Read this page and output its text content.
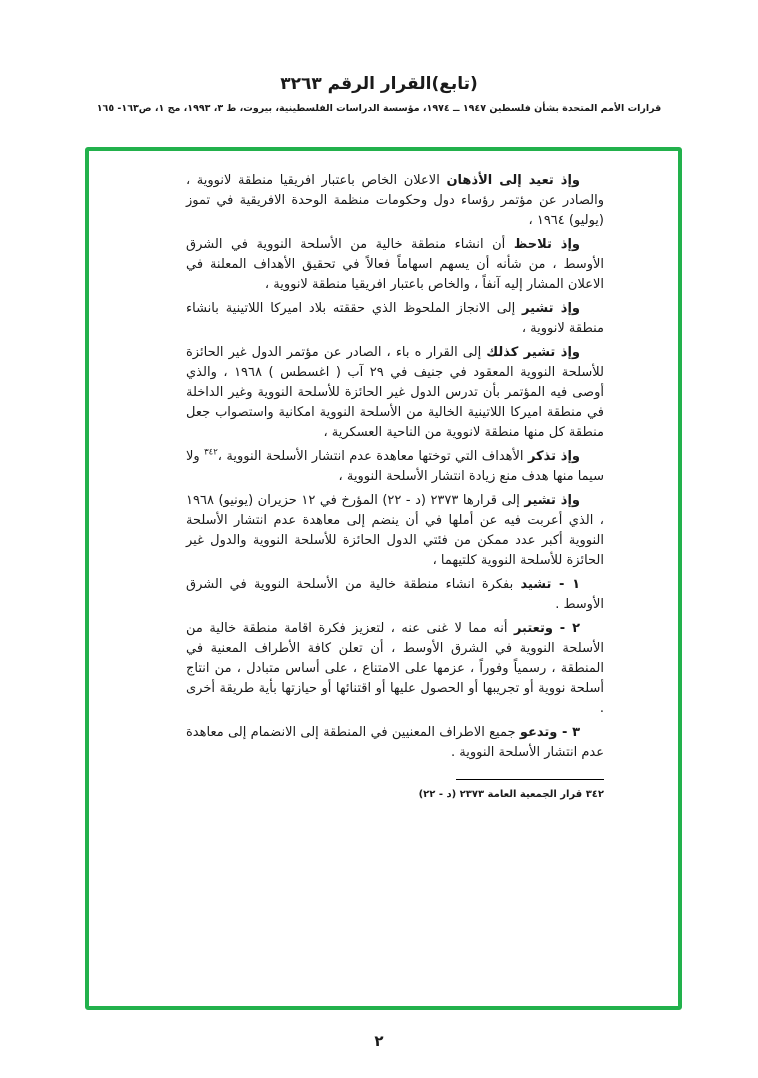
(تابع)القرار الرقم ٣٢٦٣
قرارات الأمم المتحدة بشأن فلسطين ١٩٤٧ ــ ١٩٧٤، مؤسسة الدراسات الفلسطينية، بيروت، ط ٣، ١٩٩٣، مج ١، ص١٦٣- ١٦٥

وإذ تعيد إلى الأذهان الاعلان الخاص باعتبار افريقيا منطقة لانووية ، والصادر عن مؤتمر رؤساء دول وحكومات منظمة الوحدة الافريقية في تموز (يوليو) ١٩٦٤ ،

وإذ تلاحظ أن انشاء منطقة خالية من الأسلحة النووية في الشرق الأوسط ، من شأنه أن يسهم اسهاماً فعالاً في تحقيق الأهداف المعلنة في الاعلان المشار إليه آنفاً ، والخاص باعتبار افريقيا منطقة لانووية ،

وإذ تشير إلى الانجاز الملحوظ الذي حققته بلاد اميركا اللاتينية بانشاء منطقة لانووية ،

وإذ تشير كذلك إلى القرار ه باء ، الصادر عن مؤتمر الدول غير الحائزة للأسلحة النووية المعقود في جنيف في ٢٩ آب ( اغسطس ) ١٩٦٨ ، والذي أوصى فيه المؤتمر بأن تدرس الدول غير الحائزة للأسلحة النووية وغير الداخلة في منطقة اميركا اللاتينية الخالية من الأسلحة النووية امكانية واستصواب جعل منطقة كل منها منطقة لانووية من الناحية العسكرية ،

وإذ تذكر الأهداف التي توختها معاهدة عدم انتشار الأسلحة النووية ،$^{٣٤٢}$ ولا سيما منها هدف منع زيادة انتشار الأسلحة النووية ،

وإذ تشير إلى قرارها ٢٣٧٣ (د - ٢٢) المؤرخ في ١٢ حزيران (يونيو) ١٩٦٨ ، الذي أعربت فيه عن أملها في أن ينضم إلى معاهدة عدم انتشار الأسلحة النووية أكبر عدد ممكن من فئتي الدول الحائزة للأسلحة النووية والدول غير الحائزة للأسلحة النووية كلتيهما ،

١ - تشيد بفكرة انشاء منطقة خالية من الأسلحة النووية في الشرق الأوسط .

٢ - وتعتبر أنه مما لا غنى عنه ، لتعزيز فكرة اقامة منطقة خالية من الأسلحة النووية في الشرق الأوسط ، أن تعلن كافة الأطراف المعنية في المنطقة ، رسمياً وفوراً ، عزمها على الامتناع ، على أساس متبادل ، من انتاج أسلحة نووية أو تجريبها أو الحصول عليها أو اقتنائها أو حيازتها بأية طريقة أخرى .

٣ - وتدعو جميع الاطراف المعنيين في المنطقة إلى الانضمام إلى معاهدة عدم انتشار الأسلحة النووية .

٣٤٢ قرار الجمعية العامة ٢٣٧٣ (د - ٢٢)

٢
